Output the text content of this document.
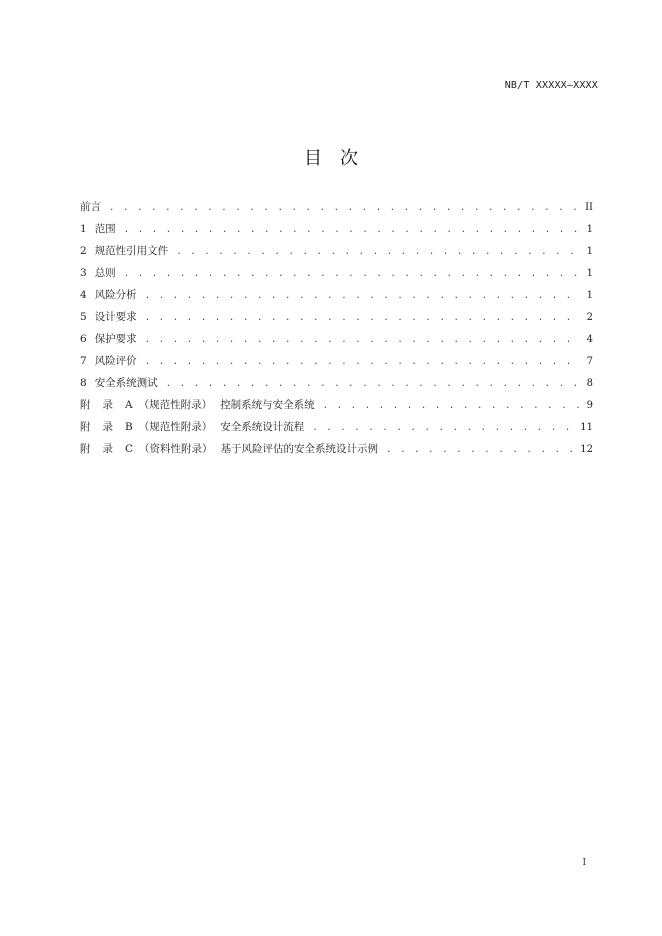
NB/T XXXXX—XXXX
目次
前言 . . .	II
1 范围 . . .	1
2 规范性引用文件 . . .	1
3 总则 . . .	1
4 风险分析 . . .	1
5 设计要求 . . .	2
6 保护要求 . . .	4
7 风险评价 . . .	7
8 安全系统测试 . . .	8
附录 A （规范性附录） 控制系统与安全系统 . . .	9
附录 B （规范性附录） 安全系统设计流程 . . .	11
附录 C （资料性附录） 基于风险评估的安全系统设计示例 . . .	12
I
